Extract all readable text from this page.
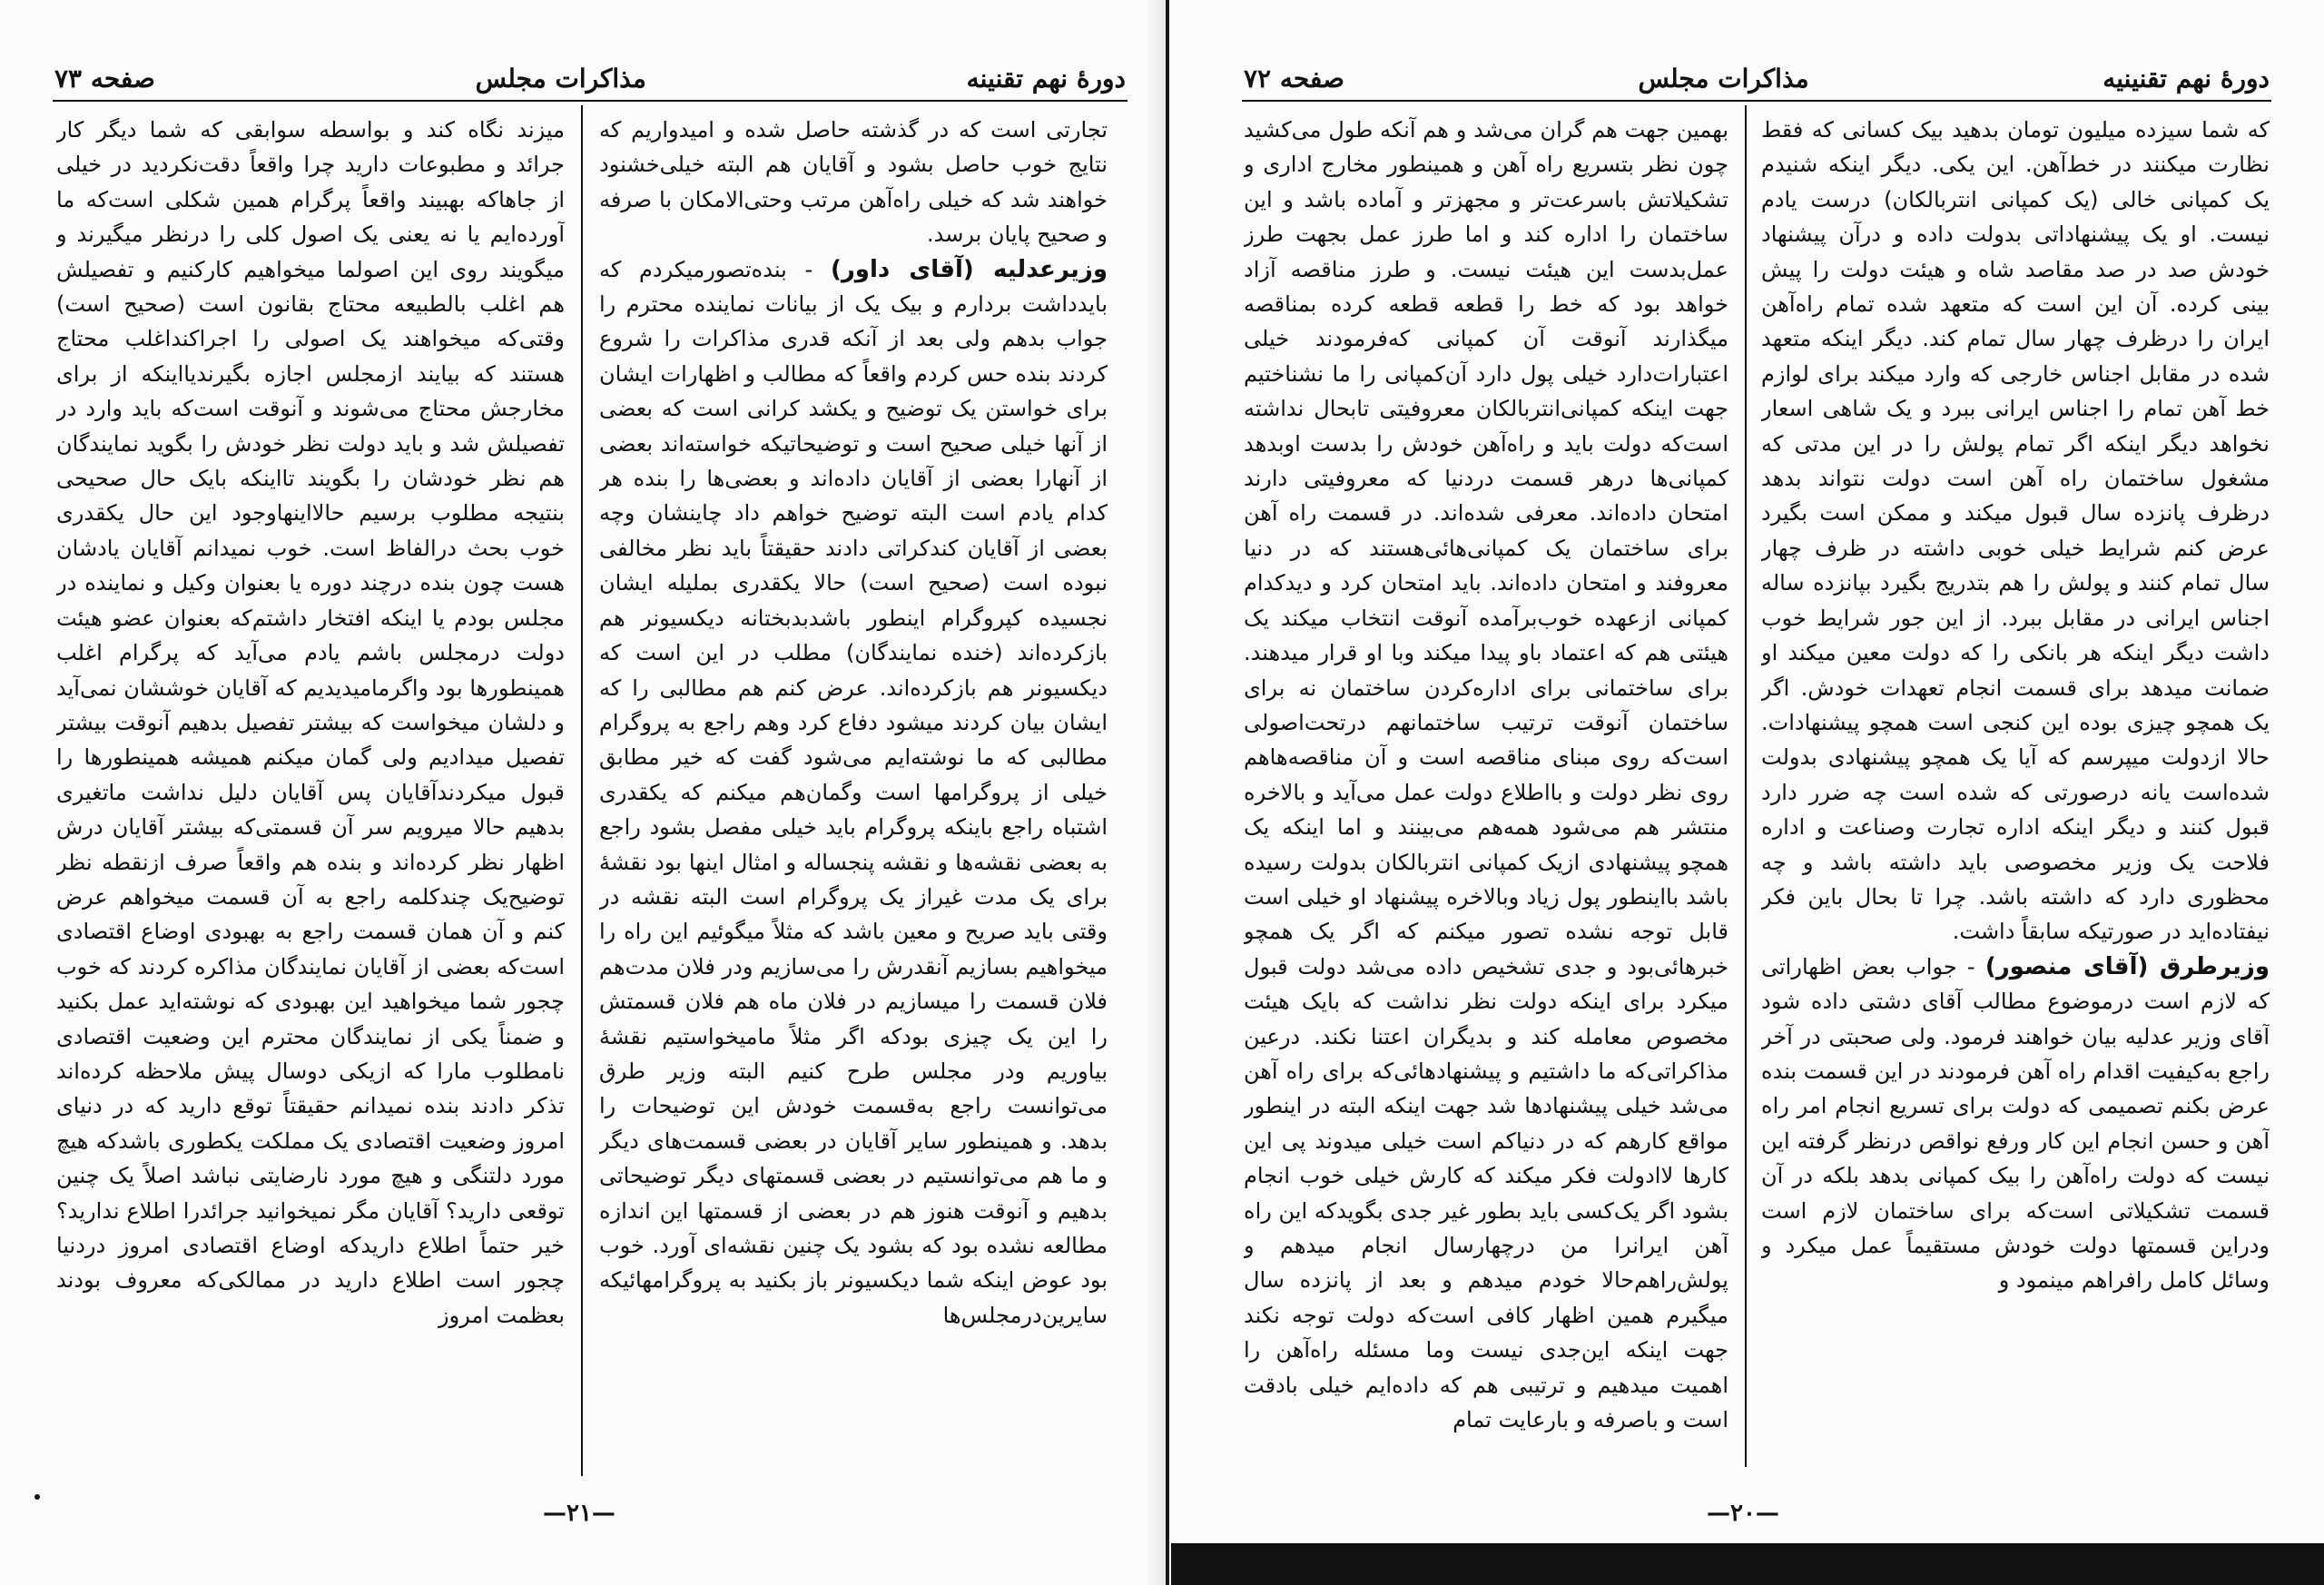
دورهٔ نهم تقنینه
مذاکرات مجلس
صفحه ۷۳

تجارتی است که در گذشته حاصل شده و امیدواریم که نتایج خوب حاصل بشود و آقایان هم البته خیلی‌خشنود خواهند شد که خیلی راه‌آهن مرتب وحتی‌الامکان با صرفه و صحیح پایان برسد.

وزیرعدلیه (آقای داور) - بنده‌تصورمیکردم که بایدداشت بردارم و بیک یک از بیانات نماینده محترم را جواب بدهم ولی بعد از آنکه قدری مذاکرات را شروع کردند بنده حس کردم واقعاً که مطالب و اظهارات ایشان برای خواستن یک توضیح و یکشد کرانی است که بعضی از آنها خیلی صحیح است و توضیحاتیکه خواسته‌اند بعضی از آنهارا بعضی از آقایان داده‌اند و بعضی‌ها را بنده هر کدام یادم است البته توضیح خواهم داد چاینشان وچه بعضی از آقایان کندکراتی دادند حقیقتاً باید نظر مخالفی نبوده است (صحیح است) حالا یکقدری بملیله ایشان نجسیده کپروگرام اینطور باشدبدبختانه دیکسیونر هم بازکرده‌اند (خنده نمایندگان) مطلب در این است که دیکسیونر هم بازکرده‌اند. عرض کنم هم مطالبی را که ایشان بیان کردند میشود دفاع کرد وهم راجع به پروگرام مطالبی که ما نوشته‌ایم می‌شود گفت که خیر مطابق خیلی از پروگرامها است وگمان‌هم میکنم که یکقدری اشتباه راجع باینکه پروگرام باید خیلی مفصل بشود راجع به بعضی نقشه‌ها و نقشه پنجساله و امثال اینها بود نقشهٔ برای یک مدت غیراز یک پروگرام است البته نقشه در وقتی باید صریح و معین باشد که مثلاً میگوئیم این راه را میخواهیم بسازیم آنقدرش را می‌سازیم ودر فلان مدت‌هم فلان قسمت را میسازیم در فلان ماه هم فلان قسمتش را این یک چیزی بودکه اگر مثلاً مامیخواستیم نقشهٔ بیاوریم ودر مجلس طرح کنیم البته وزیر طرق می‌توانست راجع به‌قسمت خودش این توضیحات را بدهد. و همینطور سایر آقایان در بعضی قسمت‌های دیگر و ما هم می‌توانستیم در بعضی قسمتهای دیگر توضیحاتی بدهیم و آنوقت هنوز هم در بعضی از قسمتها این اندازه مطالعه نشده بود که بشود یک چنین نقشه‌ای آورد. خوب بود عوض اینکه شما دیکسیونر باز بکنید به پروگرامهائیکه سایرین‌درمجلس‌ها

میزند نگاه کند و بواسطه سوابقی که شما دیگر کار جرائد و مطبوعات دارید چرا واقعاً دقت‌نکردید در خیلی از جاهاکه بهبیند واقعاً پرگرام همین شکلی است‌که ما آورده‌ایم یا نه یعنی یک اصول کلی را درنظر میگیرند و میگویند روی این اصولما میخواهیم کارکنیم و تفصیلش هم اغلب بالطبیعه محتاج بقانون است (صحیح است) وقتی‌که میخواهند یک اصولی را اجراکنداغلب محتاج هستند که بیایند ازمجلس اجازه بگیرندیااینکه از برای مخارجش محتاج می‌شوند و آنوقت است‌که باید وارد در تفصیلش شد و باید دولت نظر خودش را بگوید نمایندگان هم نظر خودشان را بگویند تااینکه بایک حال صحیحی بنتیجه مطلوب برسیم حالااینهاوجود این حال یکقدری خوب بحث درالفاظ است. خوب نمیدانم آقایان یادشان هست چون بنده درچند دوره یا بعنوان وکیل و نماینده در مجلس بودم یا اینکه افتخار داشتم‌که بعنوان عضو هیئت دولت درمجلس باشم یادم می‌آید که پرگرام اغلب همینطورها بود واگرمامیدیدیم که آقایان خوششان نمی‌آید و دلشان میخواست که بیشتر تفصیل بدهیم آنوقت بیشتر تفصیل میدادیم ولی گمان میکنم همیشه همینطورها را قبول میکردندآقایان پس آقایان دلیل نداشت ماتغیری بدهیم حالا میرویم سر آن قسمتی‌که بیشتر آقایان درش اظهار نظر کرده‌اند و بنده هم واقعاً صرف ازنقطه نظر توضیح‌یک چندکلمه راجع به آن قسمت میخواهم عرض کنم و آن همان قسمت راجع به بهبودی اوضاع اقتصادی است‌که بعضی از آقایان نمایندگان مذاکره کردند که خوب چجور شما میخواهید این بهبودی که نوشته‌اید عمل بکنید و ضمناً یکی از نمایندگان محترم این وضعیت اقتصادی نامطلوب مارا که ازیکی دوسال پیش ملاحظه کرده‌اند تذکر دادند بنده نمیدانم حقیقتاً توقع دارید که در دنیای امروز وضعیت اقتصادی یک مملکت یکطوری باشدکه هیچ مورد دلتنگی و هیچ مورد نارضایتی نباشد اصلاً یک چنین توقعی دارید؟ آقایان مگر نمیخوانید جرائدرا اطلاع ندارید؟ خیر حتماً اطلاع دارید‌که اوضاع اقتصادی امروز دردنیا چجور است اطلاع دارید در ممالکی‌که معروف بودند بعظمت امروز

—۲۱—
دورهٔ نهم تقنینیه
مذاکرات مجلس
صفحه ۷۲

که شما سیزده میلیون تومان بدهید بیک کسانی که فقط نظارت میکنند در خط‌آهن. این یکی. دیگر اینکه شنیدم یک کمپانی خالی (یک کمپانی انتربالکان) درست یادم نیست. او یک پیشنهاداتی بدولت داده و درآن پیشنهاد خودش صد در صد مقاصد شاه و هیئت دولت را پیش بینی کرده. آن این است که متعهد شده تمام راه‌آهن ایران را درظرف چهار سال تمام کند. دیگر اینکه متعهد شده در مقابل اجناس خارجی که وارد میکند برای لوازم خط آهن تمام را اجناس ایرانی ببرد و یک شاهی اسعار نخواهد دیگر اینکه اگر تمام پولش را در این مدتی که مشغول ساختمان راه آهن است دولت نتواند بدهد درظرف پانزده سال قبول میکند و ممکن است بگیرد عرض کنم شرایط خیلی خوبی داشته در ظرف چهار سال تمام کنند و پولش را هم بتدریج بگیرد بپانزده ساله اجناس ایرانی در مقابل ببرد. از این جور شرایط خوب داشت دیگر اینکه هر بانکی را که دولت معین میکند او ضمانت میدهد برای قسمت انجام تعهدات خودش. اگر یک همچو چیزی بوده این کنجی است همچو پیشنهادات. حالا ازدولت میپرسم که آیا یک همچو پیشنهادی بدولت شده‌است یانه درصورتی که شده است چه ضرر دارد قبول کنند و دیگر اینکه اداره تجارت وصناعت و اداره فلاحت یک وزیر مخصوصی باید داشته باشد و چه محظوری دارد که داشته باشد. چرا تا بحال باین فکر نیفتاده‌اید در صورتیکه سابقاً داشت.

وزیرطرق (آقای منصور) - جواب بعض اظهاراتی که لازم است درموضوع مطالب آقای دشتی داده شود آقای وزیر عدلیه بیان خواهند فرمود. ولی صحبتی در آخر راجع به‌کیفیت اقدام راه آهن فرمودند در این قسمت بنده عرض بکنم تصمیمی که دولت برای تسریع انجام امر راه آهن و حسن انجام این کار ورفع نواقص درنظر گرفته این نیست که دولت راه‌آهن را بیک کمپانی بدهد بلکه در آن قسمت تشکیلاتی است‌که برای ساختمان لازم است ودراین قسمتها دولت خودش مستقیماً عمل میکرد و وسائل کامل رافراهم مینمود و

بهمین جهت هم گران می‌شد و هم آنکه طول می‌کشید چون نظر بتسریع راه آهن و همینطور مخارج اداری و تشکیلاتش باسرعت‌تر و مجهزتر و آماده باشد و این ساختمان را اداره کند و اما طرز عمل بجهت طرز عمل‌بدست این هیئت نیست. و طرز مناقصه آزاد خواهد بود که خط را قطعه قطعه کرده بمناقصه میگذارند آنوقت آن کمپانی که‌فرمودند خیلی اعتبارات‌دارد خیلی پول دارد آن‌کمپانی را ما نشناختیم جهت اینکه کمپانی‌انتربالکان معروفیتی تابحال نداشته است‌که دولت باید و راه‌آهن خودش را بدست اوبدهد کمپانی‌ها درهر قسمت دردنیا که معروفیتی دارند امتحان داده‌اند. معرفی شده‌اند. در قسمت راه آهن برای ساختمان یک کمپانی‌هائی‌هستند که در دنیا معروفند و امتحان داده‌اند. باید امتحان کرد و دیدکدام کمپانی ازعهده خوب‌برآمده آنوقت انتخاب میکند یک هیئتی هم که اعتماد باو پیدا میکند وبا او قرار میدهند. برای ساختمانی برای اداره‌کردن ساختمان نه برای ساختمان آنوقت ترتیب ساختمانهم درتحت‌اصولی است‌که روی مبنای مناقصه است و آن مناقصه‌هاهم روی نظر دولت و بااطلاع دولت عمل می‌آید و بالاخره منتشر هم می‌شود همه‌هم می‌بینند و اما اینکه یک همچو پیشنهادی ازیک کمپانی انتربالکان بدولت رسیده باشد بااینطور پول زیاد وبالاخره پیشنهاد او خیلی است قابل توجه نشده تصور میکنم که اگر یک همچو خبرهائی‌بود و جدی تشخیص داده می‌شد دولت قبول میکرد برای اینکه دولت نظر نداشت که بایک هیئت مخصوص معامله کند و بدیگران اعتنا نکند. درعین مذاکراتی‌که ما داشتیم و پیشنهادهائی‌که برای راه آهن می‌شد خیلی پیشنهادها شد جهت اینکه البته در اینطور مواقع کارهم که در دنیاکم است خیلی میدوند پی این کارها لاادولت فکر میکند که کارش خیلی خوب انجام بشود اگر یک‌کسی باید بطور غیر جدی بگویدکه این راه آهن ایرانرا من درچهارسال انجام میدهم و پولش‌راهم‌حالا خودم میدهم و بعد از پانزده سال میگیرم همین اظهار کافی است‌که دولت توجه نکند جهت اینکه این‌جدی نیست وما مسئله راه‌آهن را اهمیت میدهیم و ترتیبی هم که داده‌ایم خیلی بادقت است و باصرفه و بارعایت تمام

—۲۰—
